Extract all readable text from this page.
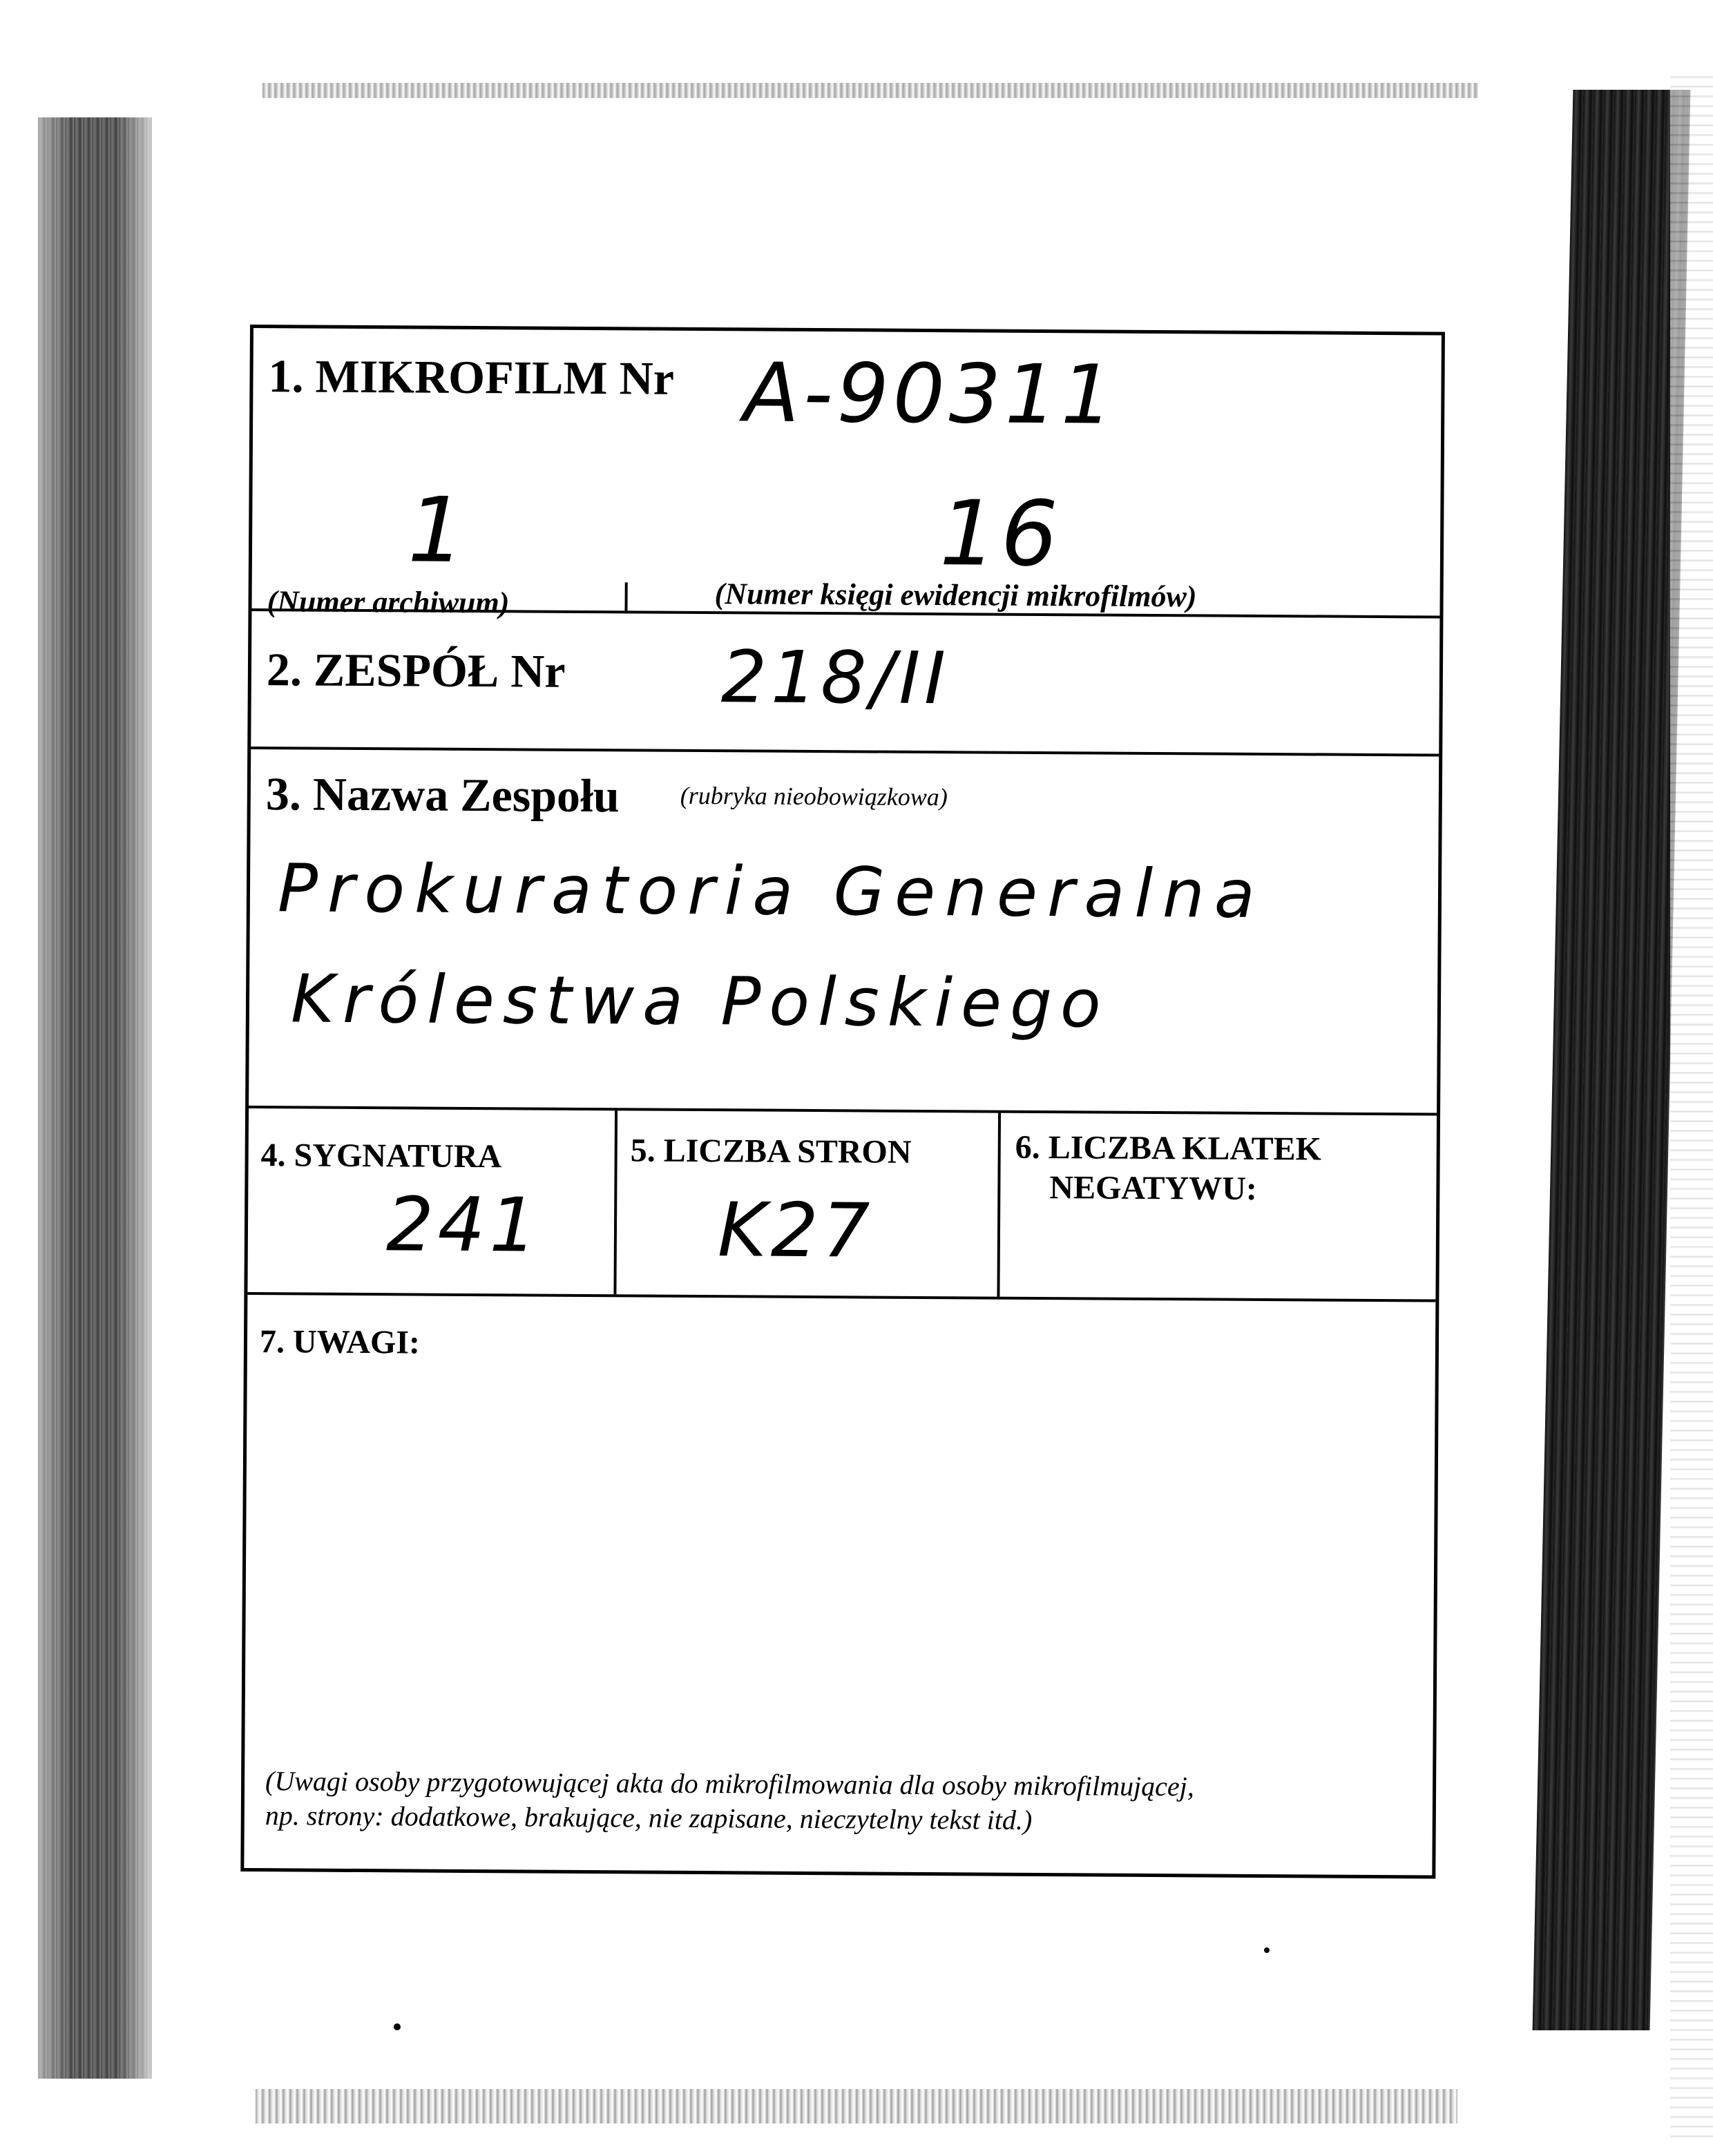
1. MIKROFILM Nr A-90311
1	16
(Numer archiwum)	(Numer księgi ewidencji mikrofilmów)
2. ZESPÓŁ Nr 218/II
3. Nazwa Zespołu (rubryka nieobowiązkowa)
Prokuratoria Generalna
Królestwa Polskiego
4. SYGNATURA
241
5. LICZBA STRON
K27
6. LICZBA KLATEK
NEGATYWU:
7. UWAGI:
(Uwagi osoby przygotowującej akta do mikrofilmowania dla osoby mikrofilmującej,
np. strony: dodatkowe, brakujące, nie zapisane, nieczytelny tekst itd.)
